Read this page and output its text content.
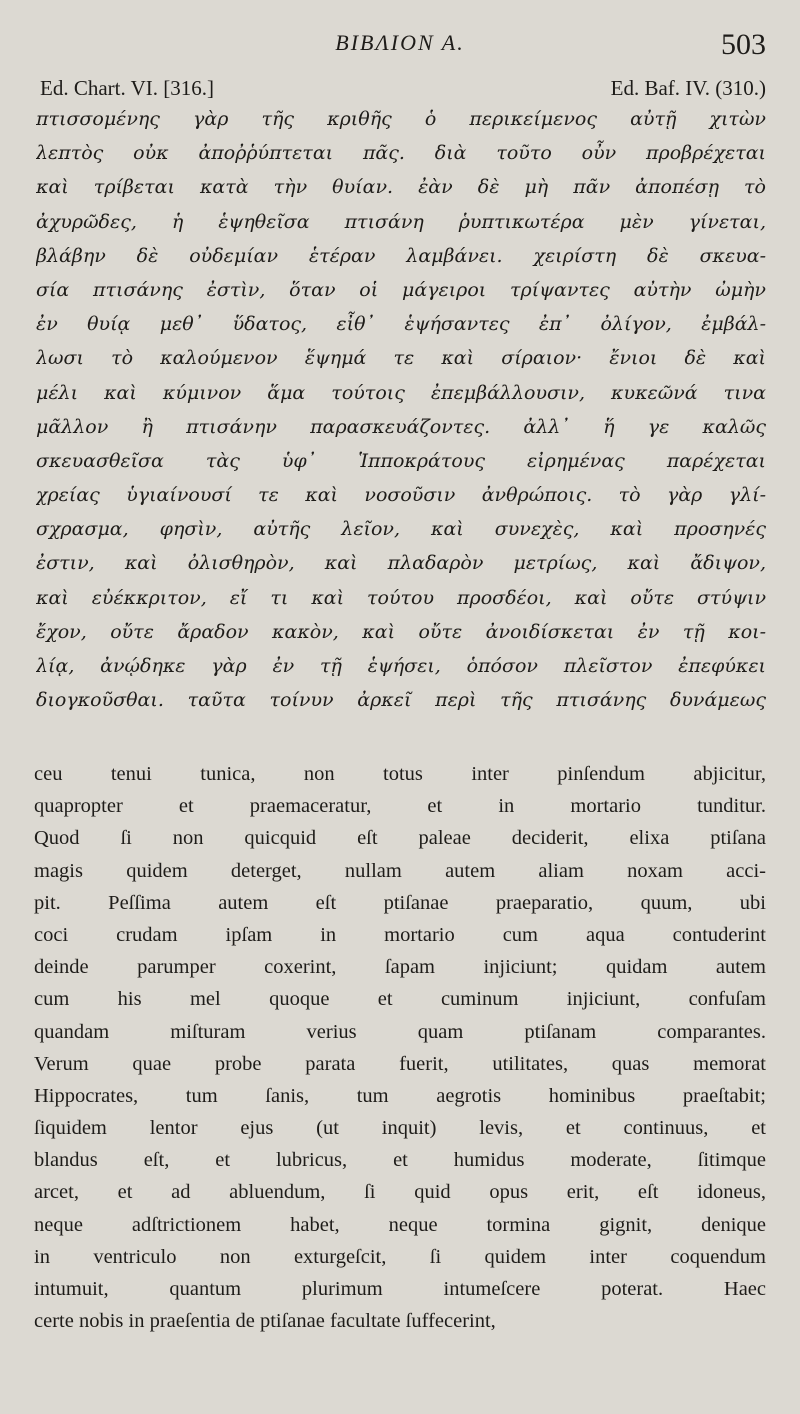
BIBΛΙΟΝ Α.	503
Ed. Chart. VI. [316.]	Ed. Baf. IV. (310.)
πτισσομένης γὰρ τῆς κριθῆς ὁ περικείμενος αὐτῇ χιτὼν
λεπτὸς οὐκ ἀποῤῥύπτεται πᾶς. διὰ τοῦτο οὖν προβρέχεται
καὶ τρίβεται κατὰ τὴν θυίαν. ἐὰν δὲ μὴ πᾶν ἀποπέσῃ τὸ
ἀχυρῶδες, ἡ ἑψηθεῖσα πτισάνη ῥυπτικωτέρα μὲν γίνεται,
βλάβην δὲ οὐδεμίαν ἑτέραν λαμβάνει. χειρίστη δὲ σκευα-
σία πτισάνης ἐστὶν, ὅταν οἱ μάγειροι τρίψαντες αὐτὴν ὠμὴν
ἐν θυίᾳ μεθ᾽ ὕδατος, εἶθ᾽ ἑψήσαντες ἐπ᾽ ὀλίγον, ἐμβάλ-
λωσι τὸ καλούμενον ἕψημά τε καὶ σίραιον· ἔνιοι δὲ καὶ
μέλι καὶ κύμινον ἅμα τούτοις ἐπεμβάλλουσιν, κυκεῶνά τινα
μᾶλλον ἢ πτισάνην παρασκευάζοντες. ἀλλ᾽ ἥ γε καλῶς
σκευασθεῖσα τὰς ὑφ᾽ Ἱπποκράτους εἰρημένας παρέχεται
χρείας ὑγιαίνουσί τε καὶ νοσοῦσιν ἀνθρώποις. τὸ γὰρ γλί-
σχρασμα, φησὶν, αὐτῆς λεῖον, καὶ συνεχὲς, καὶ προσηνές
ἐστιν, καὶ ὀλισθηρὸν, καὶ πλαδαρὸν μετρίως, καὶ ἄδιψον,
καὶ εὐέκκριτον, εἴ τι καὶ τούτου προσδέοι, καὶ οὔτε στύψιν
ἔχον, οὔτε ἄραδον κακὸν, καὶ οὔτε ἀνοιδίσκεται ἐν τῇ κοι-
λίᾳ, ἀνῴδηκε γὰρ ἐν τῇ ἑψήσει, ὁπόσον πλεῖστον ἐπεφύκει
διογκοῦσθαι. ταῦτα τοίνυν ἀρκεῖ περὶ τῆς πτισάνης δυνάμεως
ceu tenui tunica, non totus inter pinſendum abjicitur,
quapropter et praemaceratur, et in mortario tunditur.
Quod ſi non quicquid eſt paleae deciderit, elixa ptiſana
magis quidem deterget, nullam autem aliam noxam acci-
pit. Peſſima autem eſt ptiſanae praeparatio, quum, ubi
coci crudam ipſam in mortario cum aqua contuderint
deinde parumper coxerint, ſapam injiciunt; quidam autem
cum his mel quoque et cuminum injiciunt, confuſam
quandam miſturam verius quam ptiſanam comparantes.
Verum quae probe parata fuerit, utilitates, quas memorat
Hippocrates, tum ſanis, tum aegrotis hominibus praeſtabit;
ſiquidem lentor ejus (ut inquit) levis, et continuus, et
blandus eſt, et lubricus, et humidus moderate, ſitimque
arcet, et ad abluendum, ſi quid opus erit, eſt idoneus,
neque adſtrictionem habet, neque tormina gignit, denique
in ventriculo non exturgeſcit, ſi quidem inter coquendum
intumuit, quantum plurimum intumeſcere poterat. Haec
certe nobis in praeſentia de ptiſanae facultate ſuffecerint,
